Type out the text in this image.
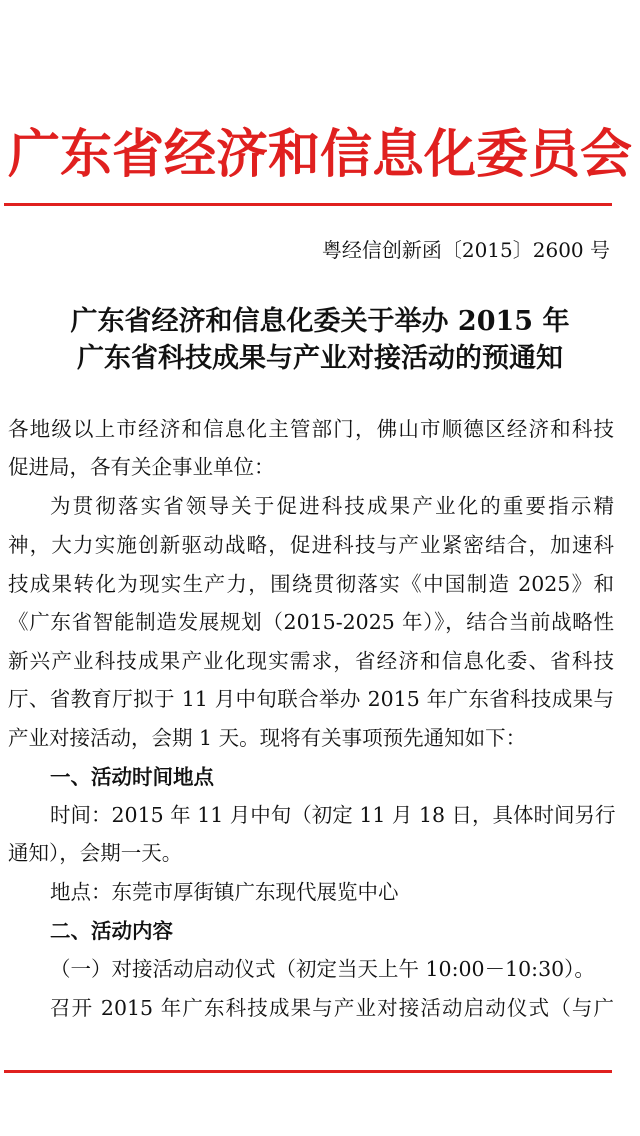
广东省经济和信息化委员会
粤经信创新函〔2015〕2600 号
广东省经济和信息化委关于举办 2015 年
广东省科技成果与产业对接活动的预通知
各地级以上市经济和信息化主管部门，佛山市顺德区经济和科技
促进局，各有关企事业单位：
为贯彻落实省领导关于促进科技成果产业化的重要指示精
神，大力实施创新驱动战略，促进科技与产业紧密结合，加速科
技成果转化为现实生产力，围绕贯彻落实《中国制造 2025》和
《广东省智能制造发展规划（2015-2025 年）》，结合当前战略性
新兴产业科技成果产业化现实需求，省经济和信息化委、省科技
厅、省教育厅拟于 11 月中旬联合举办 2015 年广东省科技成果与
产业对接活动，会期 1 天。现将有关事项预先通知如下：
一、活动时间地点
时间：2015 年 11 月中旬（初定 11 月 18 日，具体时间另行
通知），会期一天。
地点：东莞市厚街镇广东现代展览中心
二、活动内容
（一）对接活动启动仪式（初定当天上午 10:00－10:30）。
召开 2015 年广东科技成果与产业对接活动启动仪式（与广
